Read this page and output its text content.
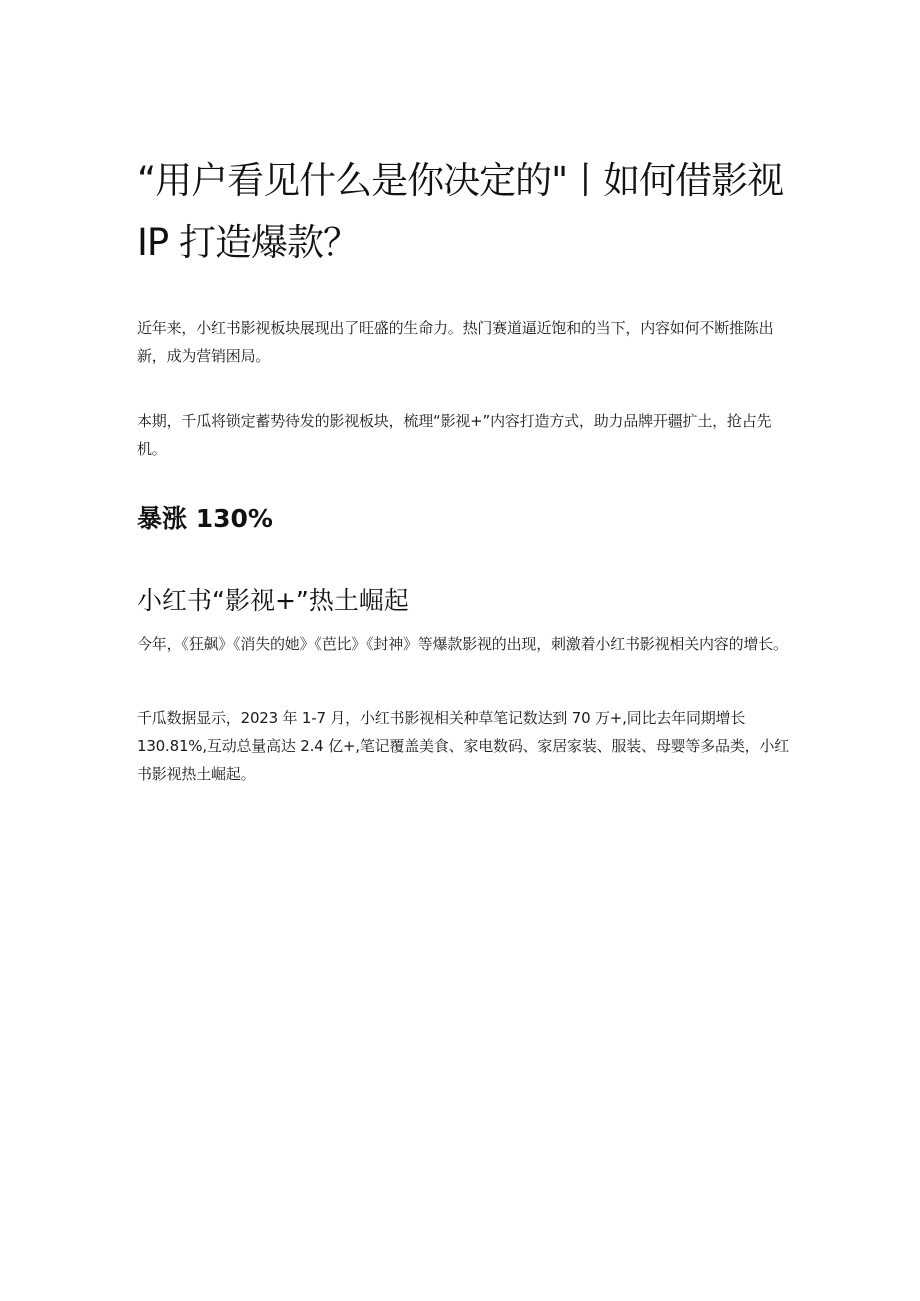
“用户看见什么是你决定的"丨如何借影视 IP 打造爆款？

近年来，小红书影视板块展现出了旺盛的生命力。热门赛道逼近饱和的当下，内容如何不断推陈出新，成为营销困局。

本期，千瓜将锁定蓄势待发的影视板块，梳理“影视+”内容打造方式，助力品牌开疆扩土，抢占先机。

暴涨 130%
小红书“影视+”热土崛起

今年，《狂飙》《消失的她》《芭比》《封神》等爆款影视的出现，刺激着小红书影视相关内容的增长。

千瓜数据显示，2023 年 1-7 月，小红书影视相关种草笔记数达到 70 万+,同比去年同期增长 130.81%,互动总量高达 2.4 亿+,笔记覆盖美食、家电数码、家居家装、服装、母婴等多品类，小红书影视热土崛起。
